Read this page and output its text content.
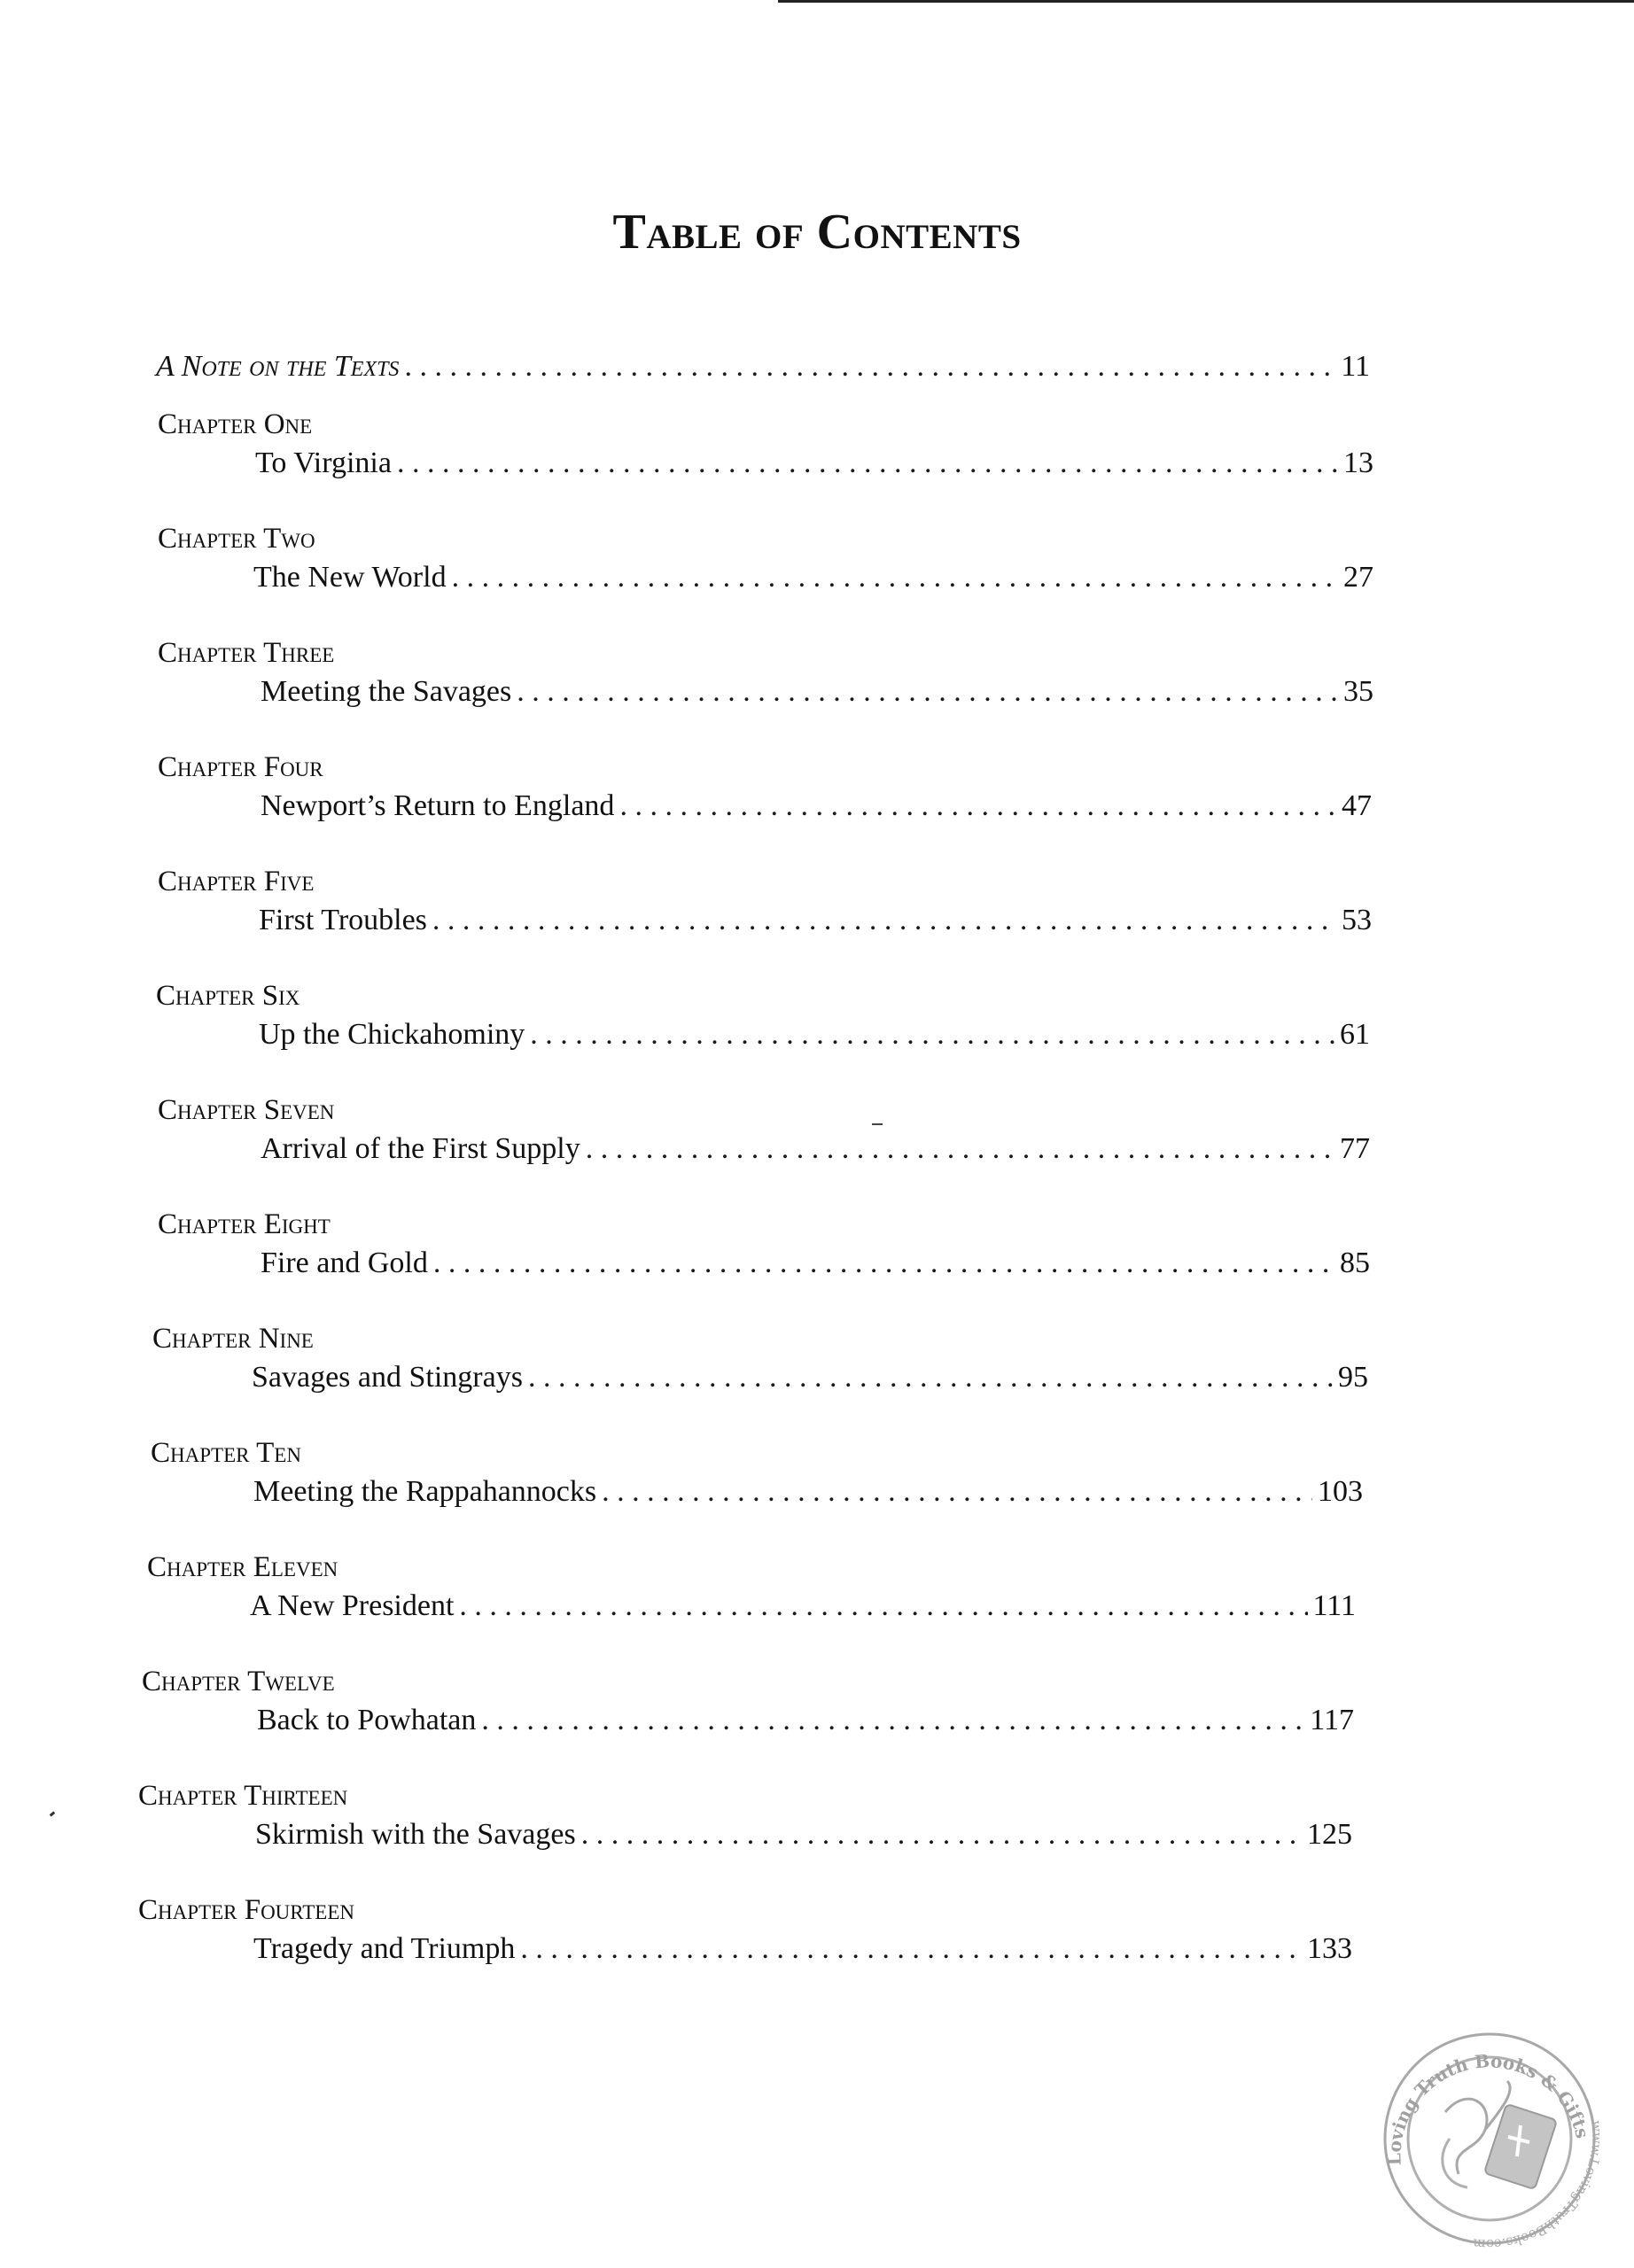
Table of Contents
A Note on the Texts . . .	11
Chapter One
To Virginia . . .	13
Chapter Two
The New World . . .	27
Chapter Three
Meeting the Savages . . .	35
Chapter Four
Newport’s Return to England . . .	47
Chapter Five
First Troubles . . .	53
Chapter Six
Up the Chickahominy . . .	61
Chapter Seven
Arrival of the First Supply . . .	77
Chapter Eight
Fire and Gold . . .	85
Chapter Nine
Savages and Stingrays . . .	95
Chapter Ten
Meeting the Rappahannocks . . .	103
Chapter Eleven
A New President . . .	111
Chapter Twelve
Back to Powhatan . . .	117
Chapter Thirteen
Skirmish with the Savages . . .	125
Chapter Fourteen
Tragedy and Triumph . . .	133
Loving Truth Books & Gifts
www.LovingTruthBooks.com
